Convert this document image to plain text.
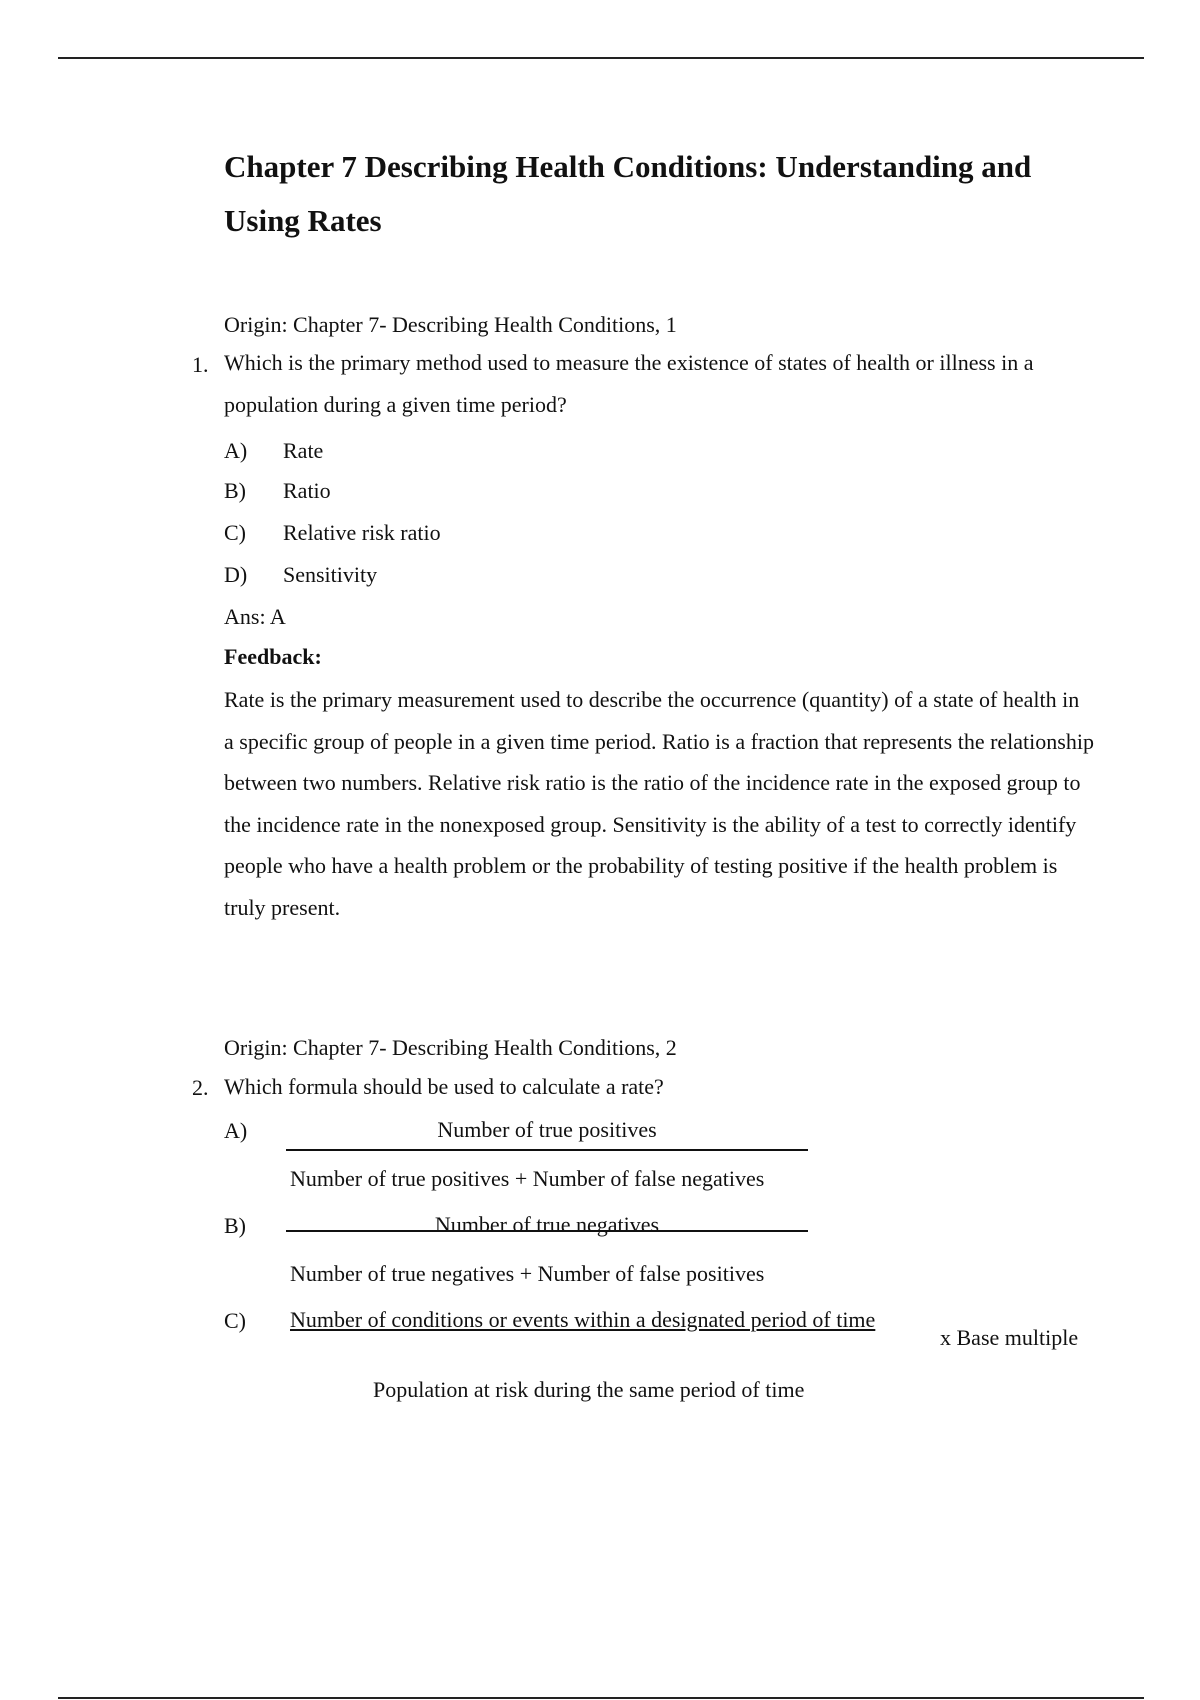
Chapter 7 Describing Health Conditions: Understanding and Using Rates
Origin: Chapter 7- Describing Health Conditions, 1
1. Which is the primary method used to measure the existence of states of health or illness in a population during a given time period?
A) Rate
B) Ratio
C) Relative risk ratio
D) Sensitivity
Ans: A
Feedback:
Rate is the primary measurement used to describe the occurrence (quantity) of a state of health in a specific group of people in a given time period. Ratio is a fraction that represents the relationship between two numbers. Relative risk ratio is the ratio of the incidence rate in the exposed group to the incidence rate in the nonexposed group. Sensitivity is the ability of a test to correctly identify people who have a health problem or the probability of testing positive if the health problem is truly present.
Origin: Chapter 7- Describing Health Conditions, 2
2. Which formula should be used to calculate a rate?
A)	Number of true positives
Number of true positives + Number of false negatives
B)	Number of true negatives
Number of true negatives + Number of false positives
C) Number of conditions or events within a designated period of time
x Base multiple
Population at risk during the same period of time
